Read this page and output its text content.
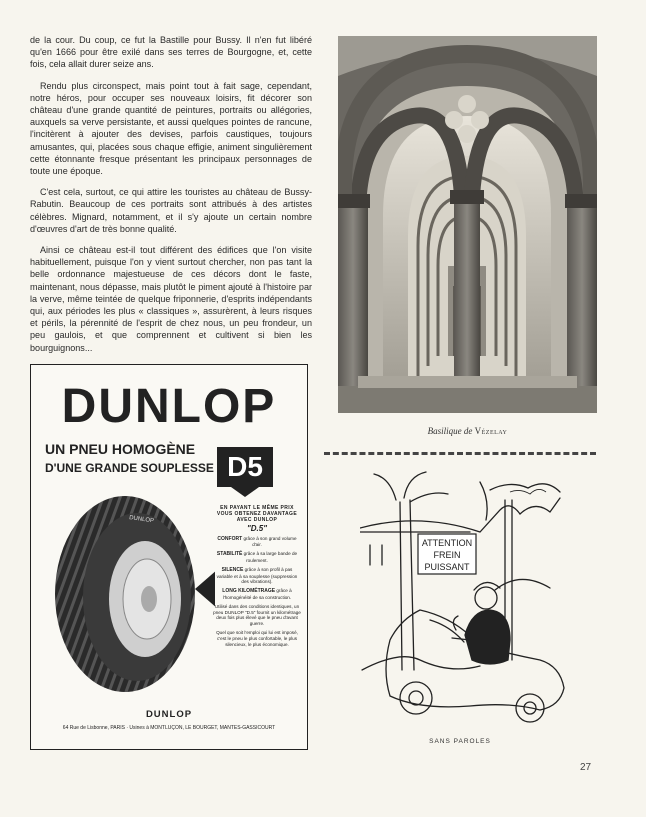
de la cour. Du coup, ce fut la Bastille pour Bussy. Il n'en fut libéré qu'en 1666 pour être exilé dans ses terres de Bourgogne, et, cette fois, cela allait durer seize ans.

Rendu plus circonspect, mais point tout à fait sage, cependant, notre héros, pour occuper ses nouveaux loisirs, fit décorer son château d'une grande quantité de peintures, portraits ou allégories, auxquels sa verve persistante, et aussi quelques pointes de rancune, l'incitèrent à ajouter des devises, parfois caustiques, toujours amusantes, qui, placées sous chaque effigie, animent singulièrement cette étonnante fresque présentant les principaux personnages de toute une époque.

C'est cela, surtout, ce qui attire les touristes au château de Bussy-Rabutin. Beaucoup de ces portraits sont attribués à des artistes célèbres. Mignard, notamment, et il s'y ajoute un certain nombre d'œuvres d'art de très bonne qualité.

Ainsi ce château est-il tout différent des édifices que l'on visite habituellement, puisque l'on y vient surtout chercher, non pas tant la belle ordonnance majestueuse de ces décors dont le faste, maintenant, nous dépasse, mais plutôt le piment ajouté à l'histoire par la verve, même teintée de quelque friponnerie, d'esprits indépendants qui, aux périodes les plus « classiques », assurèrent, à leurs risques et périls, la pérennité de l'esprit de chez nous, un peu frondeur, un peu gaulois, et que comprennent et cultivent si bien les bourguignons...

Basilique de Vézelay
ATTENTION
FREIN
PUISSANT
SANS PAROLES
DUNLOP
UN PNEU HOMOGÈNE
D'UNE GRANDE SOUPLESSE D5
DUNLOP
EN PAYANT LE MÊME PRIX VOUS OBTENEZ DAVANTAGE AVEC DUNLOP
"D.5"
CONFORT grâce à son grand volume d'air.
STABILITÉ grâce à sa large bande de roulement.
SILENCE grâce à son profil à pas variable et à sa souplesse (suppression des vibrations).
LONG KILOMÉTRAGE grâce à l'homogénéité de sa construction.
Utilisé dans des conditions identiques, un pneu DUNLOP "D.5" fournit un kilométrage deux fois plus élevé que le pneu d'avant guerre.
Quel que soit l'emploi qui lui est imposé, c'est le pneu le plus confortable, le plus silencieux, le plus économique.
DUNLOP
64 Rue de Lisbonne, PARIS · Usines à MONTLUÇON, LE BOURGET, MANTES-GASSICOURT
27
